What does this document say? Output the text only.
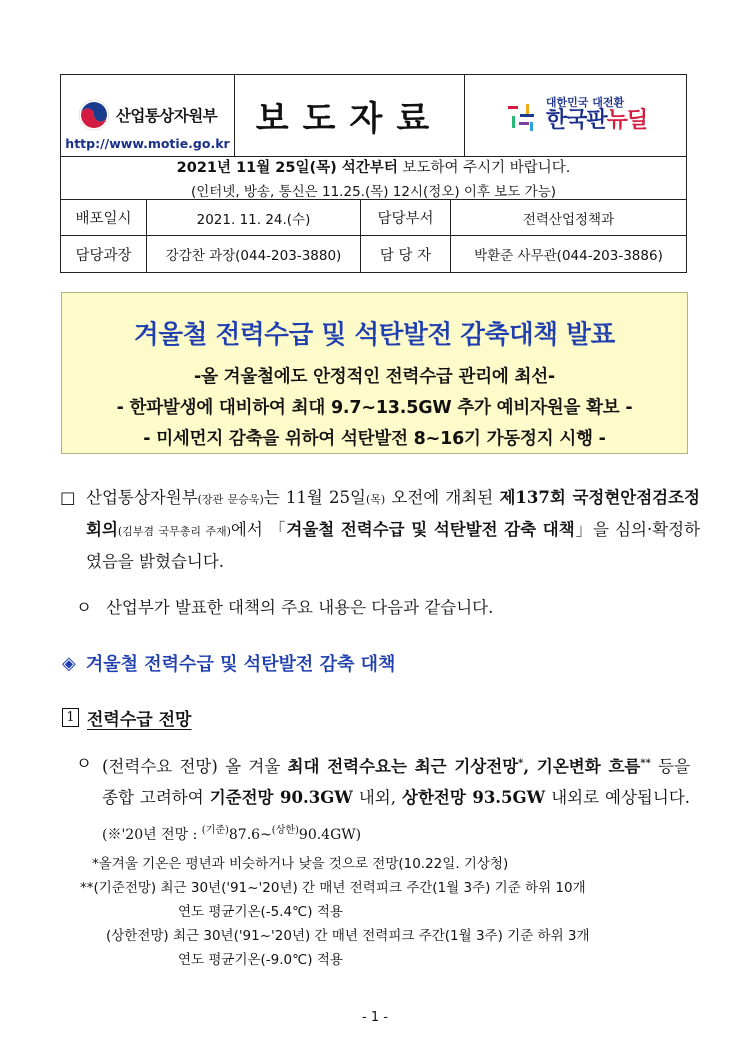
산업통상자원부
http://www.motie.go.kr
보도자료	대한민국 대전환
한국판뉴딜
2021년 11월 25일(목) 석간부터 보도하여 주시기 바랍니다.
(인터넷, 방송, 통신은 11.25.(목) 12시(정오) 이후 보도 가능)
배포일시	2021. 11. 24.(수)	담당부서	전력산업정책과
담당과장	강감찬 과장(044-203-3880)	담 당 자	박환준 사무관(044-203-3886)
겨울철 전력수급 및 석탄발전 감축대책 발표
-올 겨울철에도 안정적인 전력수급 관리에 최선-
- 한파발생에 대비하여 최대 9.7~13.5GW 추가 예비자원을 확보 -
- 미세먼지 감축을 위하여 석탄발전 8~16기 가동정지 시행 -
□ 산업통상자원부(장관 문승욱)는 11월 25일(목) 오전에 개최된 제137회 국정현안점검조정회의(김부겸 국무총리 주재)에서 「겨울철 전력수급 및 석탄발전 감축 대책」을 심의·확정하였음을 밝혔습니다.
ㅇ 산업부가 발표한 대책의 주요 내용은 다음과 같습니다.
◈ 겨울철 전력수급 및 석탄발전 감축 대책
1 전력수급 전망
ㅇ (전력수요 전망) 올 겨울 최대 전력수요는 최근 기상전망*, 기온변화 흐름** 등을 종합 고려하여 기준전망 90.3GW 내외, 상한전망 93.5GW 내외로 예상됩니다. (※'20년 전망 : $^{(기준)}$87.6~$^{(상한)}$90.4GW)
* 올겨울 기온은 평년과 비슷하거나 낮을 것으로 전망(10.22일. 기상청)
** (기준전망) 최근 30년('91~'20년) 간 매년 전력피크 주간(1월 3주) 기준 하위 10개
연도 평균기온(-5.4℃) 적용
(상한전망) 최근 30년('91~'20년) 간 매년 전력피크 주간(1월 3주) 기준 하위 3개
연도 평균기온(-9.0℃) 적용
- 1 -
